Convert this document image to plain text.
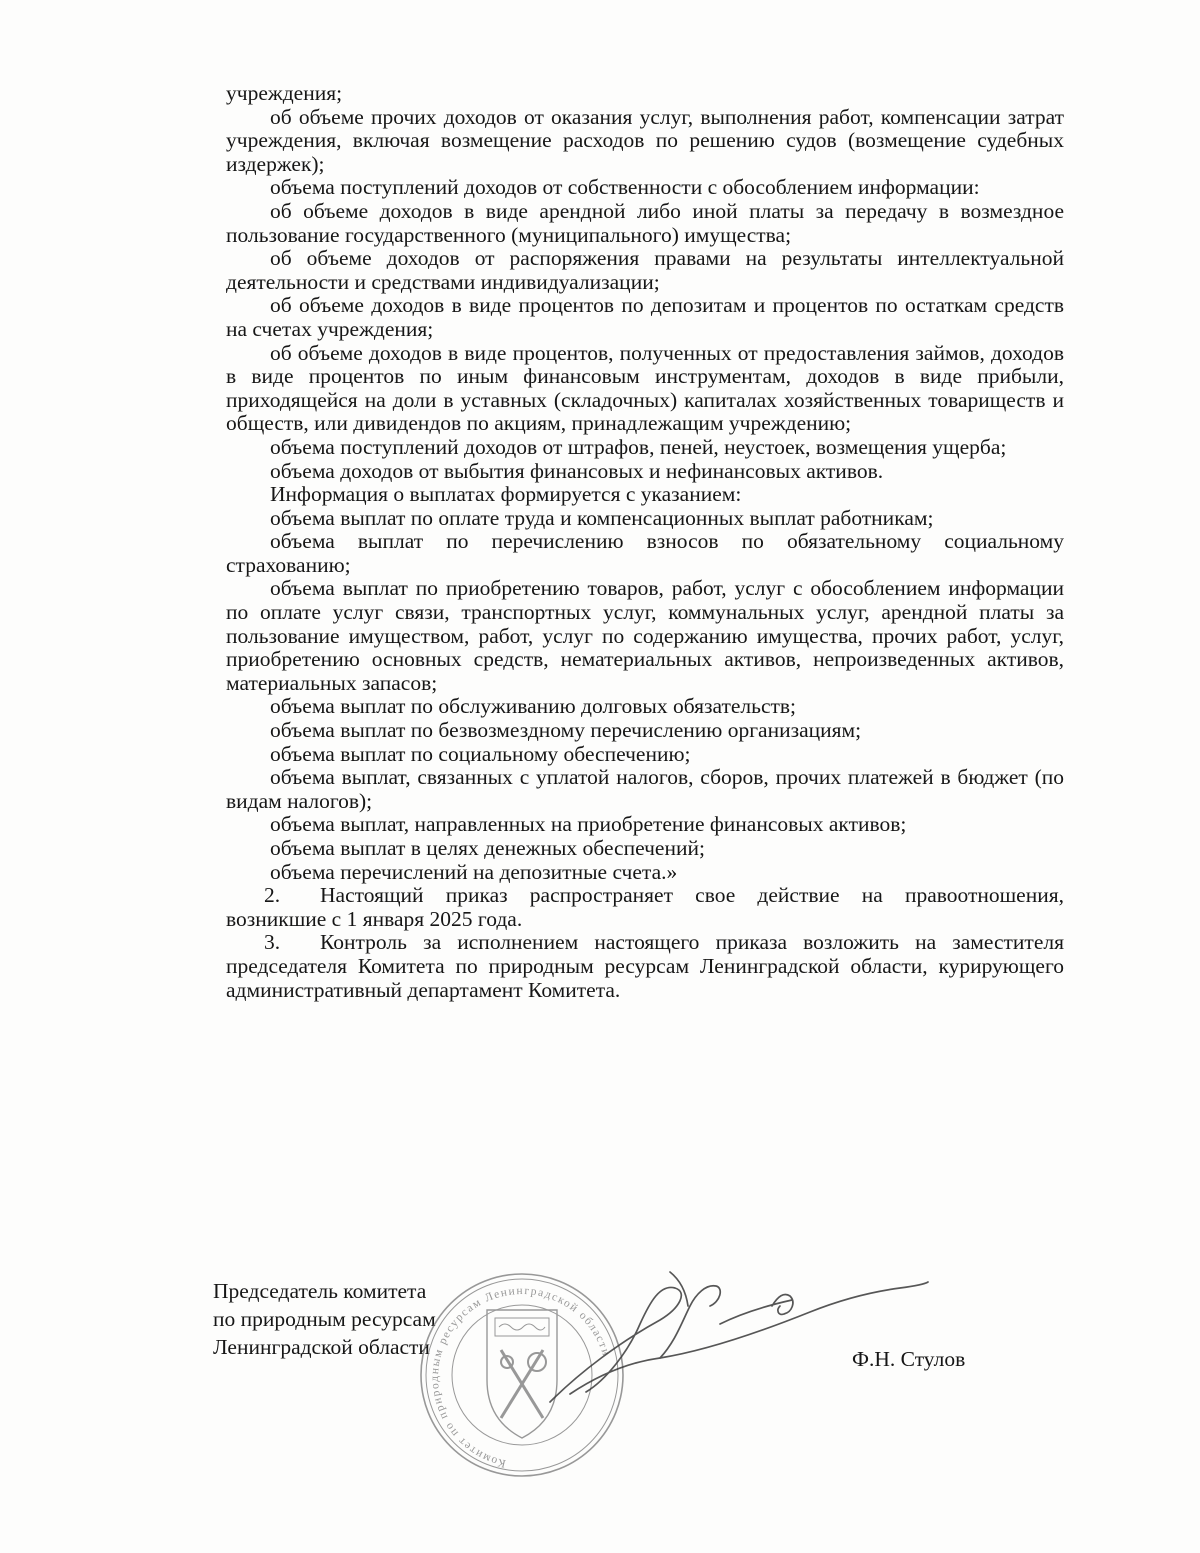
учреждения;

об объеме прочих доходов от оказания услуг, выполнения работ, компенсации затрат учреждения, включая возмещение расходов по решению судов (возмещение судебных издержек);

объема поступлений доходов от собственности с обособлением информации:

об объеме доходов в виде арендной либо иной платы за передачу в возмездное пользование государственного (муниципального) имущества;

об объеме доходов от распоряжения правами на результаты интеллектуальной деятельности и средствами индивидуализации;

об объеме доходов в виде процентов по депозитам и процентов по остаткам средств на счетах учреждения;

об объеме доходов в виде процентов, полученных от предоставления займов, доходов в виде процентов по иным финансовым инструментам, доходов в виде прибыли, приходящейся на доли в уставных (складочных) капиталах хозяйственных товариществ и обществ, или дивидендов по акциям, принадлежащим учреждению;

объема поступлений доходов от штрафов, пеней, неустоек, возмещения ущерба;

объема доходов от выбытия финансовых и нефинансовых активов.

Информация о выплатах формируется с указанием:

объема выплат по оплате труда и компенсационных выплат работникам;

объема выплат по перечислению взносов по обязательному социальному страхованию;

объема выплат по приобретению товаров, работ, услуг с обособлением информации по оплате услуг связи, транспортных услуг, коммунальных услуг, арендной платы за пользование имуществом, работ, услуг по содержанию имущества, прочих работ, услуг, приобретению основных средств, нематериальных активов, непроизведенных активов, материальных запасов;

объема выплат по обслуживанию долговых обязательств;

объема выплат по безвозмездному перечислению организациям;

объема выплат по социальному обеспечению;

объема выплат, связанных с уплатой налогов, сборов, прочих платежей в бюджет (по видам налогов);

объема выплат, направленных на приобретение финансовых активов;

объема выплат в целях денежных обеспечений;

объема перечислений на депозитные счета.»

2. Настоящий приказ распространяет свое действие на правоотношения, возникшие с 1 января 2025 года.

3. Контроль за исполнением настоящего приказа возложить на заместителя председателя Комитета по природным ресурсам Ленинградской области, курирующего административный департамент Комитета.

Председатель комитета
по природным ресурсам
Ленинградской области
Комитет по природным ресурсам Ленинградской области	Ф.Н. Стулов
